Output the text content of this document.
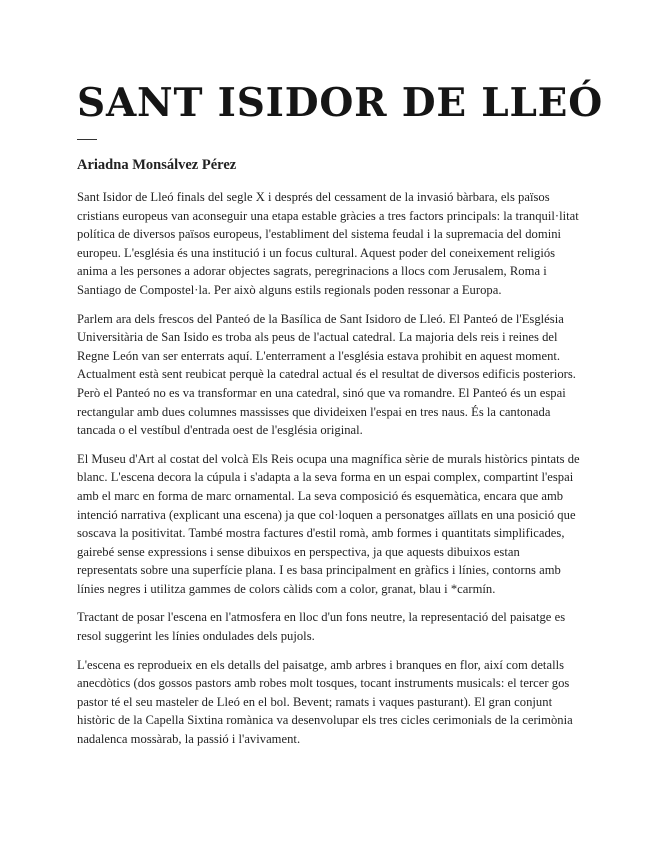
SANT ISIDOR DE LLEÓ
Ariadna Monsálvez Pérez

Sant Isidor de Lleó finals del segle X i després del cessament de la invasió bàrbara, els països cristians europeus van aconseguir una etapa estable gràcies a tres factors principals: la tranquil·litat política de diversos països europeus, l'establiment del sistema feudal i la supremacia del domini europeu. L'església és una institució i un focus cultural. Aquest poder del coneixement religiós anima a les persones a adorar objectes sagrats, peregrinacions a llocs com Jerusalem, Roma i Santiago de Compostel·la. Per això alguns estils regionals poden ressonar a Europa.

Parlem ara dels frescos del Panteó de la Basílica de Sant Isidoro de Lleó. El Panteó de l'Església Universitària de San Isido es troba als peus de l'actual catedral. La majoria dels reis i reines del Regne León van ser enterrats aquí. L'enterrament a l'església estava prohibit en aquest moment. Actualment està sent reubicat perquè la catedral actual és el resultat de diversos edificis posteriors. Però el Panteó no es va transformar en una catedral, sinó que va romandre. El Panteó és un espai rectangular amb dues columnes massisses que divideixen l'espai en tres naus. És la cantonada tancada o el vestíbul d'entrada oest de l'església original.

El Museu d'Art al costat del volcà Els Reis ocupa una magnífica sèrie de murals històrics pintats de blanc. L'escena decora la cúpula i s'adapta a la seva forma en un espai complex, compartint l'espai amb el marc en forma de marc ornamental. La seva composició és esquemàtica, encara que amb intenció narrativa (explicant una escena) ja que col·loquen a personatges aïllats en una posició que soscava la positivitat. També mostra factures d'estil romà, amb formes i quantitats simplificades, gairebé sense expressions i sense dibuixos en perspectiva, ja que aquests dibuixos estan representats sobre una superfície plana. I es basa principalment en gràfics i línies, contorns amb línies negres i utilitza gammes de colors càlids com a color, granat, blau i *carmín.

Tractant de posar l'escena en l'atmosfera en lloc d'un fons neutre, la representació del paisatge es resol suggerint les línies ondulades dels pujols.

L'escena es reprodueix en els detalls del paisatge, amb arbres i branques en flor, així com detalls anecdòtics (dos gossos pastors amb robes molt tosques, tocant instruments musicals: el tercer gos pastor té el seu masteler de Lleó en el bol. Bevent; ramats i vaques pasturant). El gran conjunt històric de la Capella Sixtina romànica va desenvolupar els tres cicles cerimonials de la cerimònia nadalenca mossàrab, la passió i l'avivament.
